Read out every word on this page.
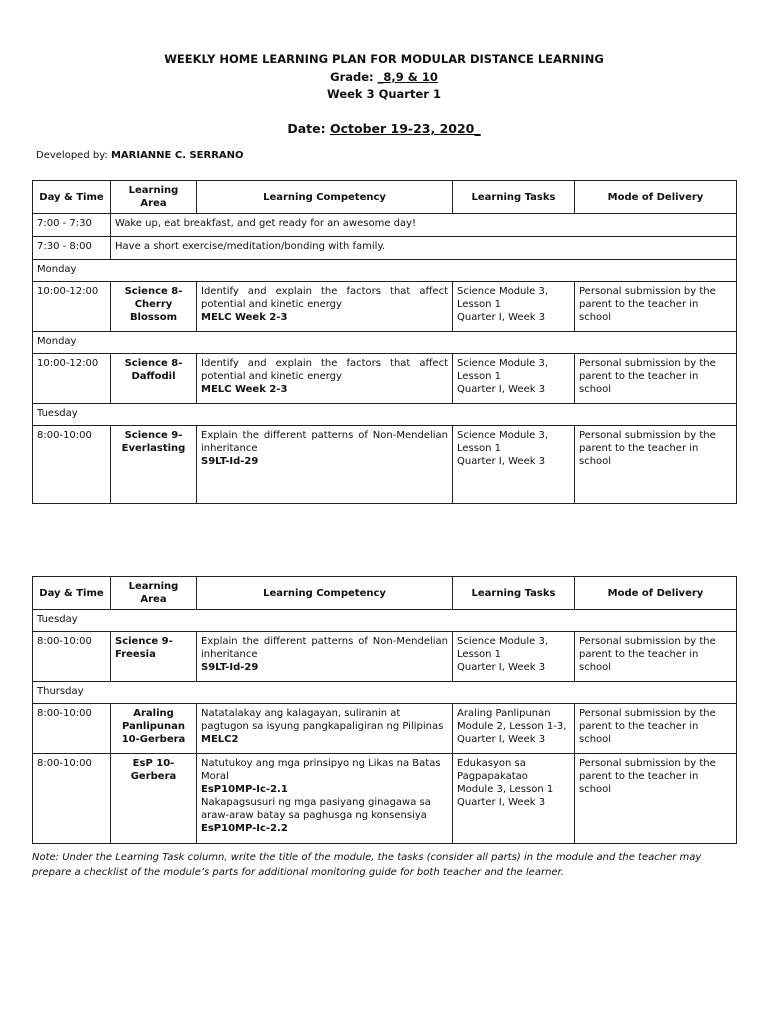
WEEKLY HOME LEARNING PLAN FOR MODULAR DISTANCE LEARNING
Grade: _8,9 & 10
Week 3 Quarter 1
Date: October 19-23, 2020_
Developed by: MARIANNE C. SERRANO
Day & Time	Learning Area	Learning Competency	Learning Tasks	Mode of Delivery
7:00 - 7:30	Wake up, eat breakfast, and get ready for an awesome day!			
7:30 - 8:00	Have a short exercise/meditation/bonding with family.			
Monday				
10:00-12:00	Science 8-
Cherry
Blossom	Identify and explain the factors that affect potential and kinetic energy
MELC Week 2-3	Science Module 3,
Lesson 1
Quarter I, Week 3	Personal submission by the parent to the teacher in school
Monday				
10:00-12:00	Science 8-
Daffodil	Identify and explain the factors that affect potential and kinetic energy
MELC Week 2-3	Science Module 3,
Lesson 1
Quarter I, Week 3	Personal submission by the parent to the teacher in school
Tuesday				
8:00-10:00	Science 9-
Everlasting	Explain the different patterns of Non-Mendelian inheritance
S9LT-Id-29	Science Module 3,
Lesson 1
Quarter I, Week 3	Personal submission by the parent to the teacher in school
Day & Time	Learning Area	Learning Competency	Learning Tasks	Mode of Delivery
Tuesday				
8:00-10:00	Science 9-
Freesia	Explain the different patterns of Non-Mendelian inheritance
S9LT-Id-29	Science Module 3,
Lesson 1
Quarter I, Week 3	Personal submission by the parent to the teacher in school
Thursday				
8:00-10:00	Araling
Panlipunan
10-Gerbera	Natatalakay ang kalagayan, suliranin at pagtugon sa isyung pangkapaligiran ng Pilipinas
MELC2	Araling Panlipunan
Module 2, Lesson 1-3,
Quarter I, Week 3	Personal submission by the parent to the teacher in school
8:00-10:00	EsP 10-
Gerbera	Natutukoy ang mga prinsipyo ng Likas na Batas Moral
EsP10MP-Ic-2.1
Nakapagsusuri ng mga pasiyang ginagawa sa araw-araw batay sa paghusga ng konsensiya
EsP10MP-Ic-2.2	Edukasyon sa
Pagpapakatao
Module 3, Lesson 1
Quarter I, Week 3	Personal submission by the parent to the teacher in school
Note: Under the Learning Task column, write the title of the module, the tasks (consider all parts) in the module and the teacher may prepare a checklist of the module’s parts for additional monitoring guide for both teacher and the learner.
